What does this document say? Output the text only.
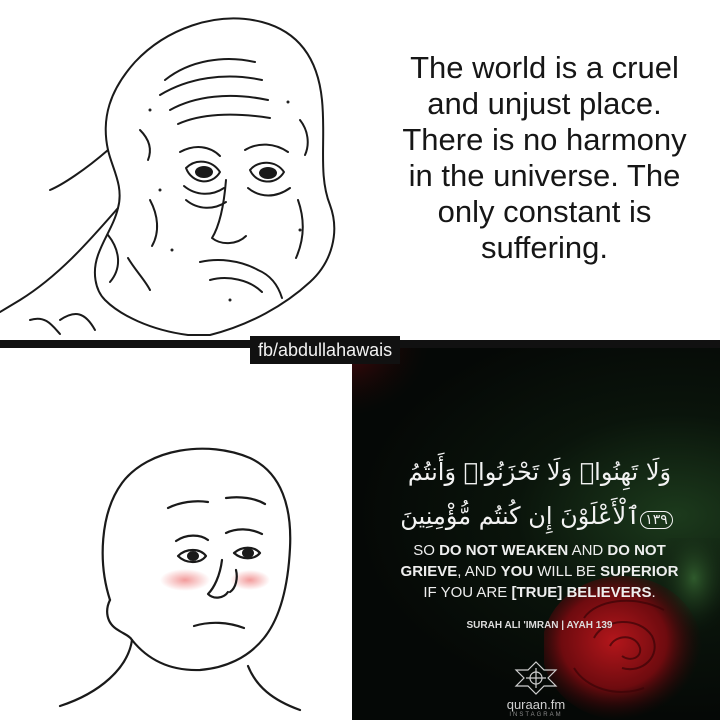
The world is a cruel
and unjust place.
There is no harmony
in the universe. The
only constant is
suffering.
وَلَا تَهِنُوا۟ وَلَا تَحْزَنُوا۟ وَأَنتُمُ
١٣٩ٱلْأَعْلَوْنَ إِن كُنتُم مُّؤْمِنِينَ
SO DO NOT WEAKEN AND DO NOT
GRIEVE, AND YOU WILL BE SUPERIOR
IF YOU ARE [TRUE] BELIEVERS.
SURAH ALI 'IMRAN | AYAH 139
quraan.fm
INSTAGRAM
fb/abdullahawais
